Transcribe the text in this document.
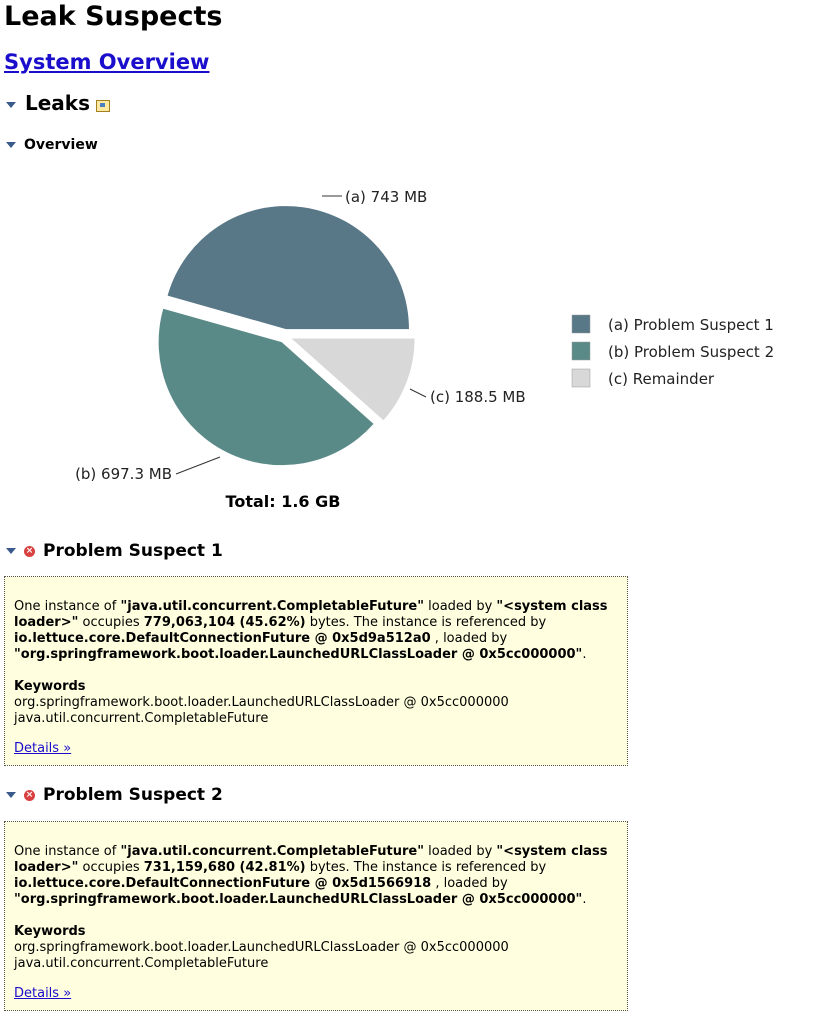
Leak Suspects
System Overview
Leaks
Overview
(a) 743 MB
(b) 697.3 MB
(c) 188.5 MB
(a) Problem Suspect 1
(b) Problem Suspect 2
(c) Remainder
Total: 1.6 GB
× Problem Suspect 1

One instance of "java.util.concurrent.CompletableFuture" loaded by "<system class loader>" occupies 779,063,104 (45.62%) bytes. The instance is referenced by io.lettuce.core.DefaultConnectionFuture @ 0x5d9a512a0 , loaded by "org.springframework.boot.loader.LaunchedURLClassLoader @ 0x5cc000000".

Keywords

org.springframework.boot.loader.LaunchedURLClassLoader @ 0x5cc000000

java.util.concurrent.CompletableFuture

Details »
× Problem Suspect 2

One instance of "java.util.concurrent.CompletableFuture" loaded by "<system class loader>" occupies 731,159,680 (42.81%) bytes. The instance is referenced by io.lettuce.core.DefaultConnectionFuture @ 0x5d1566918 , loaded by "org.springframework.boot.loader.LaunchedURLClassLoader @ 0x5cc000000".

Keywords

org.springframework.boot.loader.LaunchedURLClassLoader @ 0x5cc000000

java.util.concurrent.CompletableFuture

Details »
